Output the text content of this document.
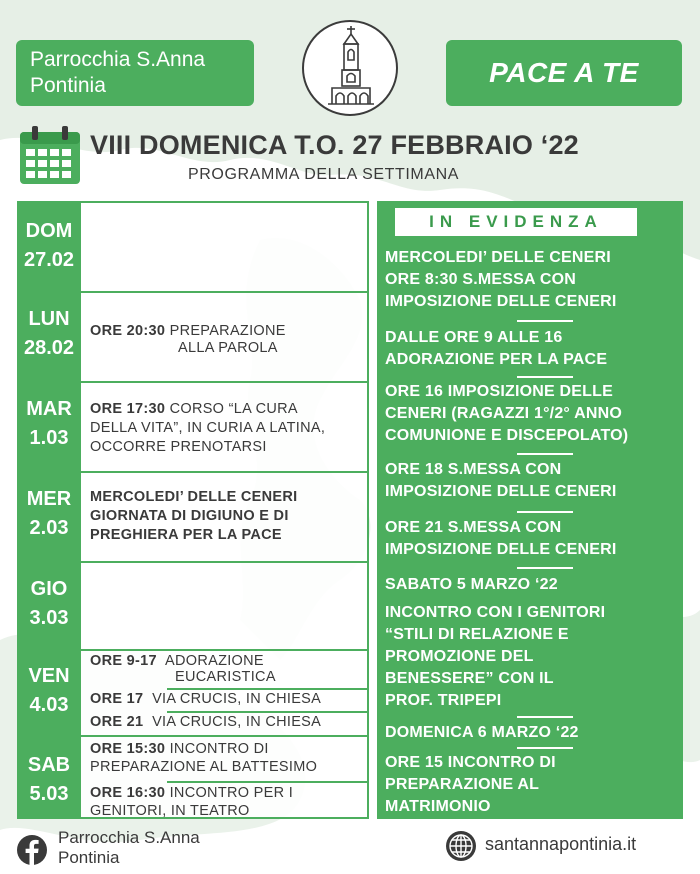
Parrocchia S.Anna
Pontinia	PACE A TE
VIII DOMENICA T.O. 27 FEBBRAIO ‘22
PROGRAMMA DELLA SETTIMANA
DOM
27.02
LUN
28.02
MAR
1.03
MER
2.03
GIO
3.03
VEN
4.03
SAB
5.03
ORE 20:30 PREPARAZIONE
ALLA PAROLA
ORE 17:30 CORSO “LA CURA
DELLA VITA”, IN CURIA A LATINA,
OCCORRE PRENOTARSI
MERCOLEDI’ DELLE CENERI
GIORNATA DI DIGIUNO E DI
PREGHIERA PER LA PACE
ORE 9-17 ADORAZIONE
EUCARISTICA
ORE 17 VIA CRUCIS, IN CHIESA
ORE 21 VIA CRUCIS, IN CHIESA
ORE 15:30 INCONTRO DI
PREPARAZIONE AL BATTESIMO
ORE 16:30 INCONTRO PER I
GENITORI, IN TEATRO
IN EVIDENZA
MERCOLEDI’ DELLE CENERI
ORE 8:30 S.MESSA CON
IMPOSIZIONE DELLE CENERI
DALLE ORE 9 ALLE 16
ADORAZIONE PER LA PACE
ORE 16 IMPOSIZIONE DELLE
CENERI (RAGAZZI 1°/2° ANNO
COMUNIONE E DISCEPOLATO)
ORE 18 S.MESSA CON
IMPOSIZIONE DELLE CENERI
ORE 21 S.MESSA CON
IMPOSIZIONE DELLE CENERI
SABATO 5 MARZO ‘22
INCONTRO CON I GENITORI
“STILI DI RELAZIONE E
PROMOZIONE DEL
BENESSERE” CON IL
PROF. TRIPEPI
DOMENICA 6 MARZO ‘22
ORE 15 INCONTRO DI
PREPARAZIONE AL
MATRIMONIO
Parrocchia S.Anna
Pontinia
santannapontinia.it
